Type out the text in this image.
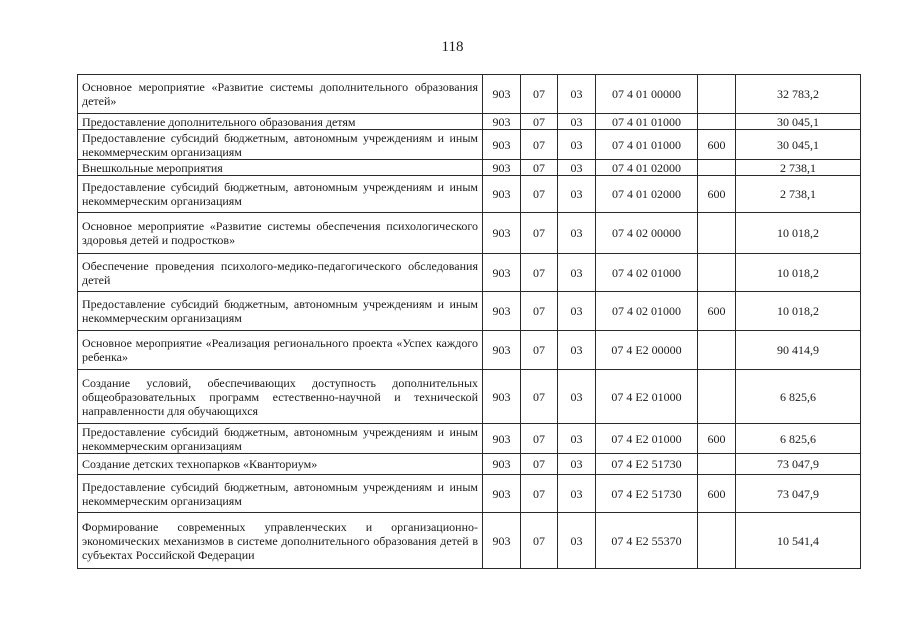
118
Основное мероприятие «Развитие системы дополнительного образования детей»	903	07	03	07 4 01 00000		32 783,2
Предоставление дополнительного образования детям	903	07	03	07 4 01 01000		30 045,1
Предоставление субсидий бюджетным, автономным учреждениям и иным некоммерческим организациям	903	07	03	07 4 01 01000	600	30 045,1
Внешкольные мероприятия	903	07	03	07 4 01 02000		2 738,1
Предоставление субсидий бюджетным, автономным учреждениям и иным некоммерческим организациям	903	07	03	07 4 01 02000	600	2 738,1
Основное мероприятие «Развитие системы обеспечения психологического здоровья детей и подростков»	903	07	03	07 4 02 00000		10 018,2
Обеспечение проведения психолого-медико-педагогического обследования детей	903	07	03	07 4 02 01000		10 018,2
Предоставление субсидий бюджетным, автономным учреждениям и иным некоммерческим организациям	903	07	03	07 4 02 01000	600	10 018,2
Основное мероприятие «Реализация регионального проекта «Успех каждого ребенка»	903	07	03	07 4 E2 00000		90 414,9
Создание условий, обеспечивающих доступность дополнительных общеобразовательных программ естественно-научной и технической направленности для обучающихся	903	07	03	07 4 E2 01000		6 825,6
Предоставление субсидий бюджетным, автономным учреждениям и иным некоммерческим организациям	903	07	03	07 4 E2 01000	600	6 825,6
Создание детских технопарков «Кванториум»	903	07	03	07 4 E2 51730		73 047,9
Предоставление субсидий бюджетным, автономным учреждениям и иным некоммерческим организациям	903	07	03	07 4 E2 51730	600	73 047,9
Формирование современных управленческих и организационно-экономических механизмов в системе дополнительного образования детей в субъектах Российской Федерации	903	07	03	07 4 E2 55370		10 541,4
